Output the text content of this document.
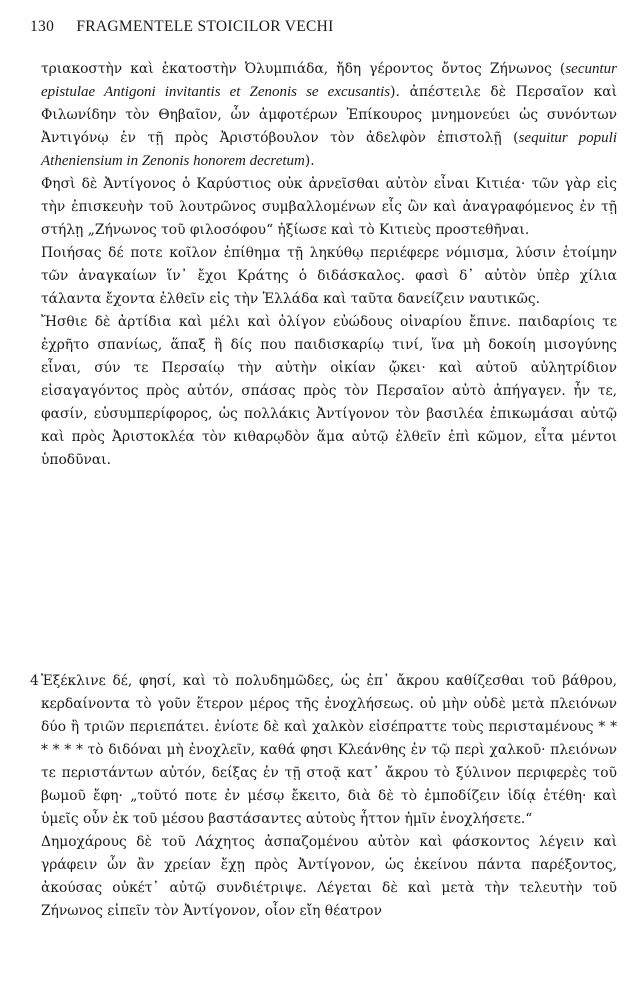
130 FRAGMENTELE STOICILOR VECHI

τριακοστὴν καὶ ἑκατοστὴν Ὀλυμπιάδα, ἤδη γέροντος ὄντος Ζήνωνος (secuntur epistulae Antigoni invitantis et Zenonis se excusantis). ἀπέστειλε δὲ Περσαῖον καὶ Φιλωνίδην τὸν Θηβαῖον, ὧν ἀμφοτέρων Ἐπίκουρος μνημονεύει ὡς συνόντων Ἀντιγόνῳ ἐν τῇ πρὸς Ἀριστόβουλον τὸν ἀδελφὸν ἐπιστολῇ (sequitur populi Atheniensium in Zenonis honorem decretum).

Φησὶ δὲ Ἀντίγονος ὁ Καρύστιος οὐκ ἀρνεῖσθαι αὐτὸν εἶναι Κιτιέα· τῶν γὰρ εἰς τὴν ἐπισκευὴν τοῦ λουτρῶνος συμβαλλομένων εἷς ὢν καὶ ἀναγραφόμενος ἐν τῇ στήλῃ „Ζήνωνος τοῦ φιλοσόφου“ ἠξίωσε καὶ τὸ Κιτιεὺς προστεθῆναι.

Ποιήσας δέ ποτε κοῖλον ἐπίθημα τῇ ληκύθῳ περιέφερε νόμισμα, λύσιν ἑτοίμην τῶν ἀναγκαίων ἵν᾽ ἔχοι Κράτης ὁ διδάσκαλος. φασὶ δ᾽ αὐτὸν ὑπὲρ χίλια τάλαντα ἔχοντα ἐλθεῖν εἰς τὴν Ἑλλάδα καὶ ταῦτα δανείζειν ναυτικῶς.

Ἤσθιε δὲ ἀρτίδια καὶ μέλι καὶ ὀλίγον εὐώδους οἰναρίου ἔπινε. παιδαρίοις τε ἐχρῆτο σπανίως, ἅπαξ ἢ δίς που παιδισκαρίῳ τινί, ἵνα μὴ δοκοίη μισογύνης εἶναι, σύν τε Περσαίῳ τὴν αὐτὴν οἰκίαν ᾤκει· καὶ αὐτοῦ αὐλητρίδιον εἰσαγαγόντος πρὸς αὐτόν, σπάσας πρὸς τὸν Περσαῖον αὐτὸ ἀπήγαγεν. ἦν τε, φασίν, εὐσυμπερίφορος, ὡς πολλάκις Ἀντίγονον τὸν βασιλέα ἐπικωμάσαι αὐτῷ καὶ πρὸς Ἀριστοκλέα τὸν κιθαρῳδὸν ἅμα αὐτῷ ἐλθεῖν ἐπὶ κῶμον, εἶτα μέντοι ὑποδῦναι.

4 Ἐξέκλινε δέ, φησί, καὶ τὸ πολυδημῶδες, ὡς ἐπ᾽ ἄκρου καθίζεσθαι τοῦ βάθρου, κερδαίνοντα τὸ γοῦν ἕτερον μέρος τῆς ἐνοχλήσεως. οὐ μὴν οὐδὲ μετὰ πλειόνων δύο ἢ τριῶν περιεπάτει. ἐνίοτε δὲ καὶ χαλκὸν εἰσέπραττε τοὺς περισταμένους * * * * * * τὸ διδόναι μὴ ἐνοχλεῖν, καθά φησι Κλεάνθης ἐν τῷ περὶ χαλκοῦ· πλειόνων τε περιστάντων αὐτόν, δείξας ἐν τῇ στοᾷ κατ᾽ ἄκρου τὸ ξύλινον περιφερὲς τοῦ βωμοῦ ἔφη· „τοῦτό ποτε ἐν μέσῳ ἔκειτο, διὰ δὲ τὸ ἐμποδίζειν ἰδίᾳ ἐτέθη· καὶ ὑμεῖς οὖν ἐκ τοῦ μέσου βαστάσαντες αὑτοὺς ἧττον ἡμῖν ἐνοχλήσετε.“

Δημοχάρους δὲ τοῦ Λάχητος ἀσπαζομένου αὐτὸν καὶ φάσκοντος λέγειν καὶ γράφειν ὧν ἂν χρείαν ἔχῃ πρὸς Ἀντίγονον, ὡς ἐκείνου πάντα παρέξοντος, ἀκούσας οὐκέτ᾽ αὐτῷ συνδιέτριψε. Λέγεται δὲ καὶ μετὰ τὴν τελευτὴν τοῦ Ζήνωνος εἰπεῖν τὸν Ἀντίγονον, οἷον εἴη θέατρον
